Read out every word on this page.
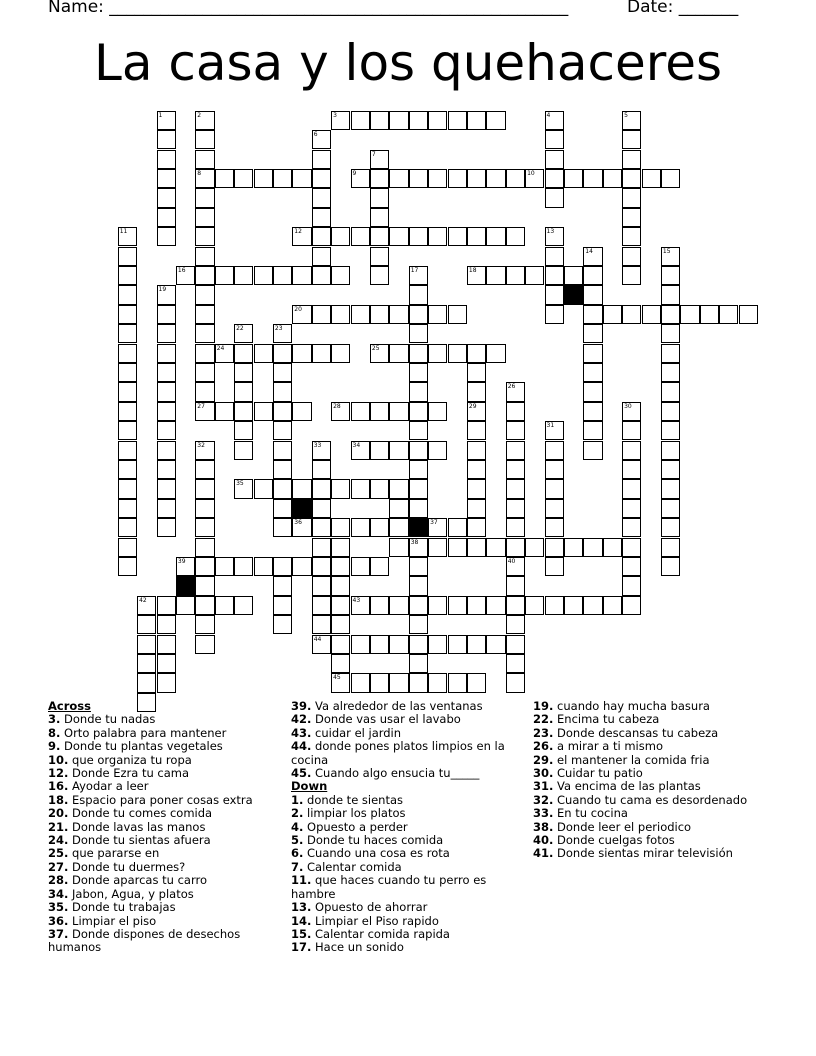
Name: ______________________________________________________	Date: _______
La casa y los quehaceres
3
8	9	10
12
16	18
20
24	25
27	28
34
35
36	37
38
39
42	43
44
45
1	2	4	5
6
7
13
11
14	15
17
19
22	23
26
40
30
31
32	33
29
Across
3. Donde tu nadas
8. Orto palabra para mantener
9. Donde tu plantas vegetales
10. que organiza tu ropa
12. Donde Ezra tu cama
16. Ayodar a leer
18. Espacio para poner cosas extra
20. Donde tu comes comida
21. Donde lavas las manos
24. Donde tu sientas afuera
25. que pararse en
27. Donde tu duermes?
28. Donde aparcas tu carro
34. Jabon, Agua, y platos
35. Donde tu trabajas
36. Limpiar el piso
37. Donde dispones de desechos humanos
39. Va alrededor de las ventanas
42. Donde vas usar el lavabo
43. cuidar el jardin
44. donde pones platos limpios en la cocina
45. Cuando algo ensucia tu_____
Down
1. donde te sientas
2. limpiar los platos
4. Opuesto a perder
5. Donde tu haces comida
6. Cuando una cosa es rota
7. Calentar comida
11. que haces cuando tu perro es hambre
13. Opuesto de ahorrar
14. Limpiar el Piso rapido
15. Calentar comida rapida
17. Hace un sonido
19. cuando hay mucha basura
22. Encima tu cabeza
23. Donde descansas tu cabeza
26. a mirar a ti mismo
29. el mantener la comida fria
30. Cuidar tu patio
31. Va encima de las plantas
32. Cuando tu cama es desordenado
33. En tu cocina
38. Donde leer el periodico
40. Donde cuelgas fotos
41. Donde sientas mirar televisión
